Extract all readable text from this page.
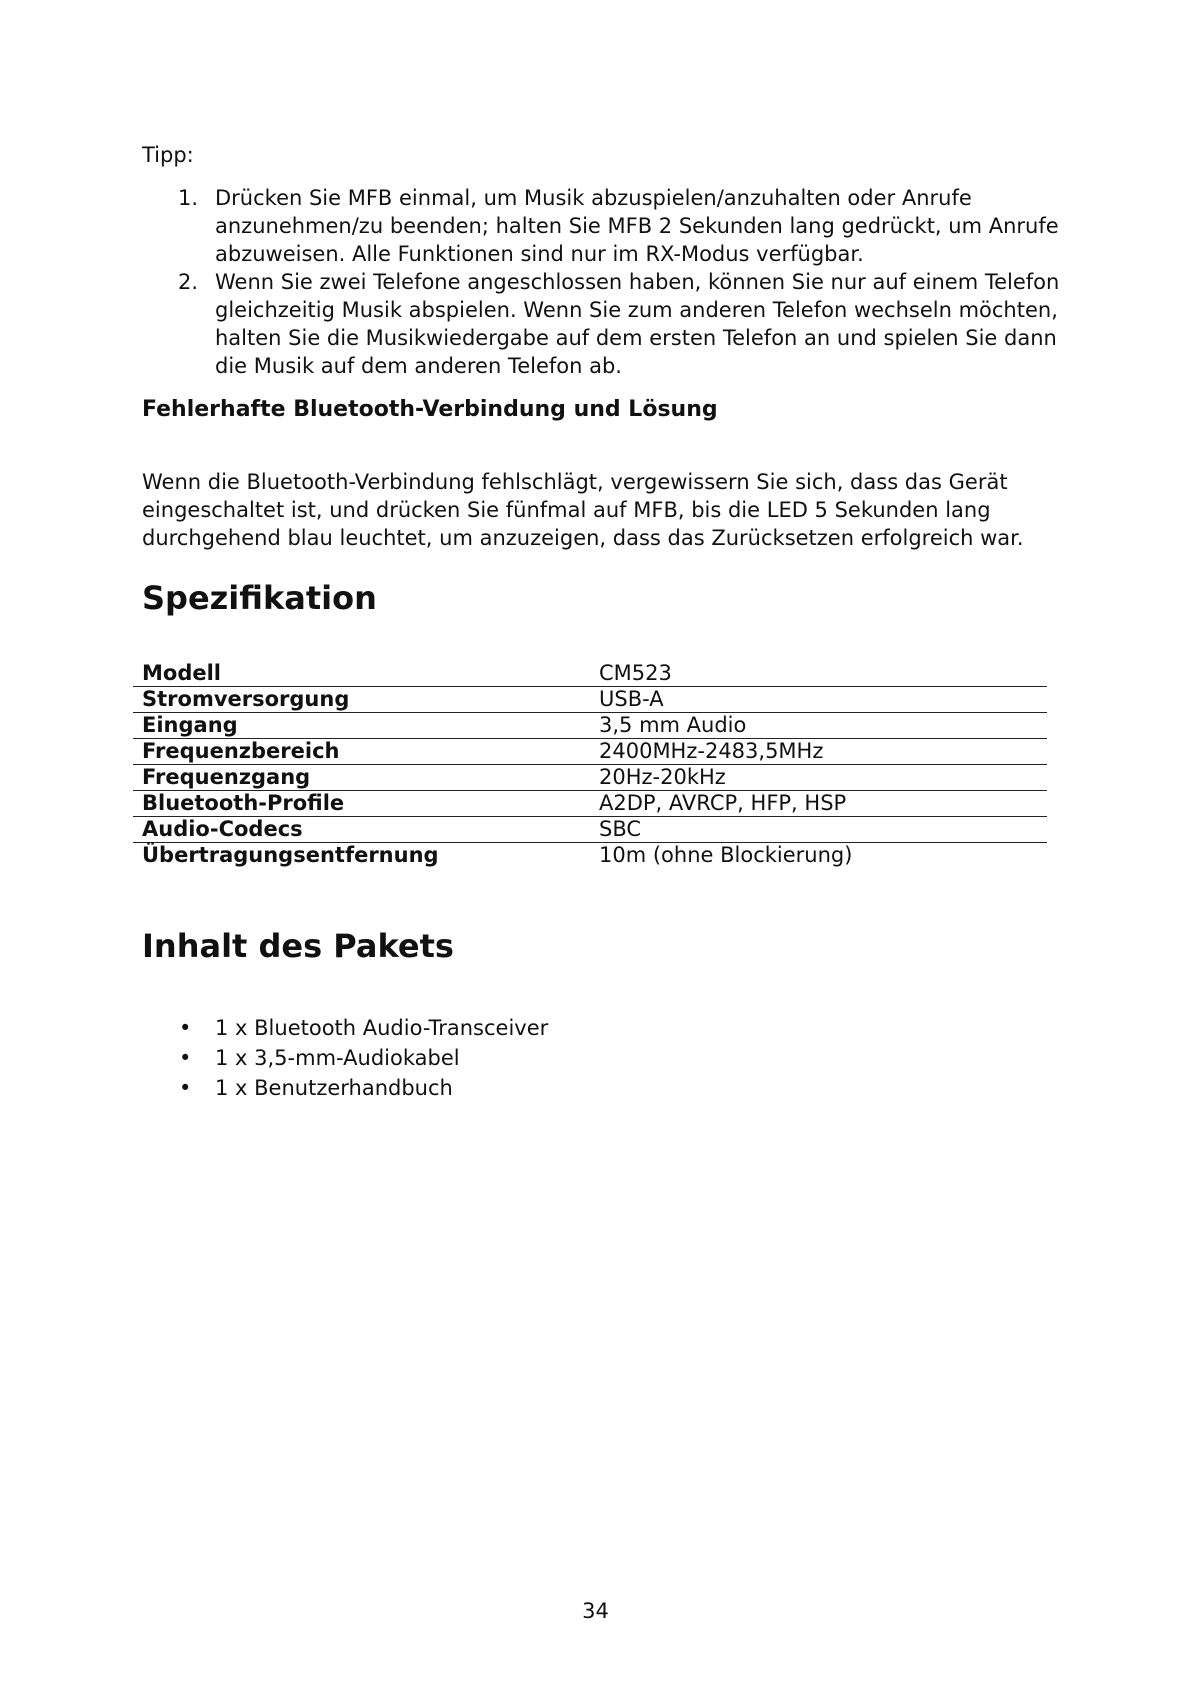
Tipp:

1. Drücken Sie MFB einmal, um Musik abzuspielen/anzuhalten oder Anrufe anzunehmen/zu beenden; halten Sie MFB 2 Sekunden lang gedrückt, um Anrufe abzuweisen. Alle Funktionen sind nur im RX-Modus verfügbar.
2. Wenn Sie zwei Telefone angeschlossen haben, können Sie nur auf einem Telefon gleichzeitig Musik abspielen. Wenn Sie zum anderen Telefon wechseln möchten, halten Sie die Musikwiedergabe auf dem ersten Telefon an und spielen Sie dann die Musik auf dem anderen Telefon ab.
Fehlerhafte Bluetooth-Verbindung und Lösung

Wenn die Bluetooth-Verbindung fehlschlägt, vergewissern Sie sich, dass das Gerät eingeschaltet ist, und drücken Sie fünfmal auf MFB, bis die LED 5 Sekunden lang durchgehend blau leuchtet, um anzuzeigen, dass das Zurücksetzen erfolgreich war.

Spezifikation
Modell	CM523
Stromversorgung	USB-A
Eingang	3,5 mm Audio
Frequenzbereich	2400MHz-2483,5MHz
Frequenzgang	20Hz-20kHz
Bluetooth-Profile	A2DP, AVRCP, HFP, HSP
Audio-Codecs	SBC
Übertragungsentfernung	10m (ohne Blockierung)
Inhalt des Pakets
• 1 x Bluetooth Audio-Transceiver
• 1 x 3,5-mm-Audiokabel
• 1 x Benutzerhandbuch
34
